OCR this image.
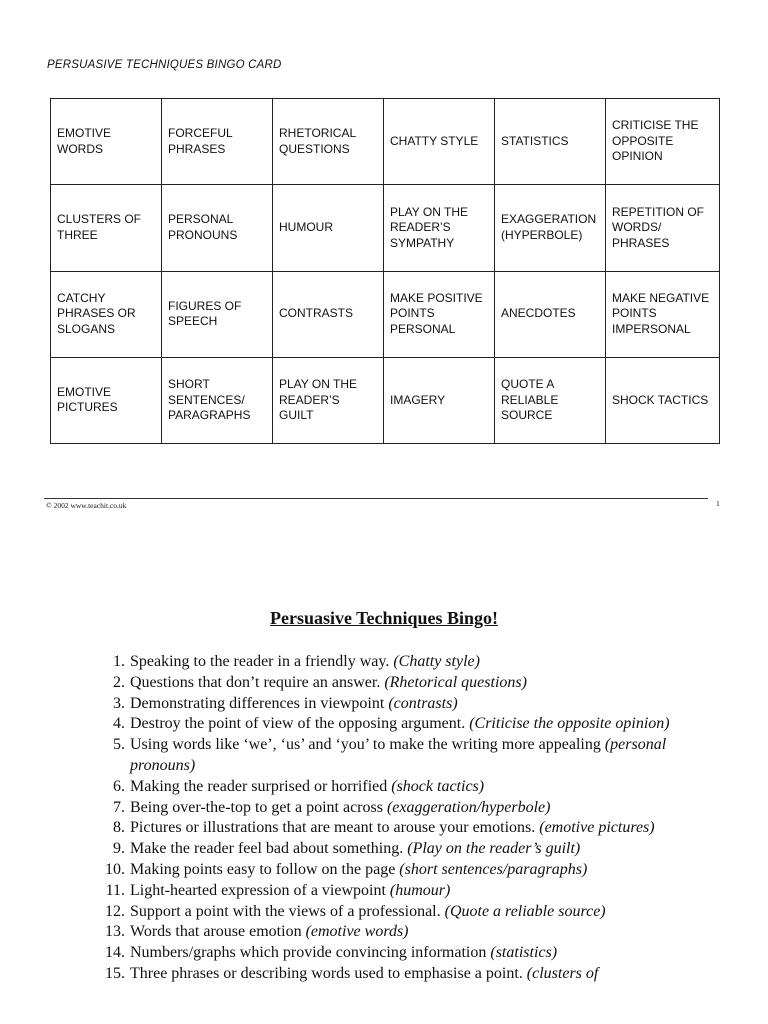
PERSUASIVE TECHNIQUES BINGO CARD
EMOTIVE WORDS	FORCEFUL PHRASES	RHETORICAL QUESTIONS	CHATTY STYLE	STATISTICS	CRITICISE THE OPPOSITE OPINION
CLUSTERS OF THREE	PERSONAL PRONOUNS	HUMOUR	PLAY ON THE READER’S SYMPATHY	EXAGGERATION (HYPERBOLE)	REPETITION OF WORDS/ PHRASES
CATCHY PHRASES OR SLOGANS	FIGURES OF SPEECH	CONTRASTS	MAKE POSITIVE POINTS PERSONAL	ANECDOTES	MAKE NEGATIVE POINTS IMPERSONAL
EMOTIVE PICTURES	SHORT SENTENCES/ PARAGRAPHS	PLAY ON THE READER’S GUILT	IMAGERY	QUOTE A RELIABLE SOURCE	SHOCK TACTICS
© 2002 www.teachit.co.uk	1
Persuasive Techniques Bingo!
1. Speaking to the reader in a friendly way. (Chatty style)
2. Questions that don’t require an answer. (Rhetorical questions)
3. Demonstrating differences in viewpoint (contrasts)
4. Destroy the point of view of the opposing argument. (Criticise the opposite opinion)
5. Using words like ‘we’, ‘us’ and ‘you’ to make the writing more appealing (personal pronouns)
6. Making the reader surprised or horrified (shock tactics)
7. Being over-the-top to get a point across (exaggeration/hyperbole)
8. Pictures or illustrations that are meant to arouse your emotions. (emotive pictures)
9. Make the reader feel bad about something. (Play on the reader’s guilt)
10. Making points easy to follow on the page (short sentences/paragraphs)
11. Light-hearted expression of a viewpoint (humour)
12. Support a point with the views of a professional. (Quote a reliable source)
13. Words that arouse emotion (emotive words)
14. Numbers/graphs which provide convincing information (statistics)
15. Three phrases or describing words used to emphasise a point. (clusters of
